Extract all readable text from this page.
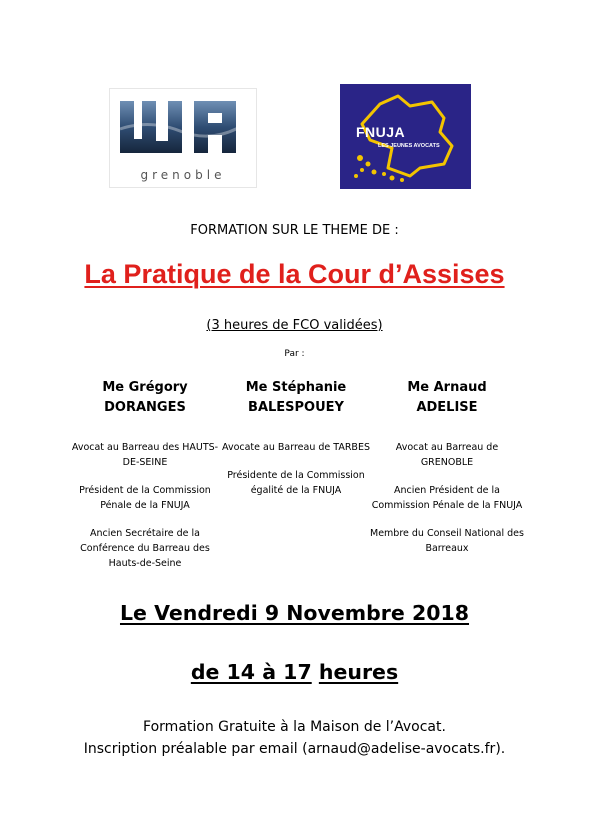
grenoble
FNUJA
LES JEUNES AVOCATS
FORMATION SUR LE THEME DE :
La Pratique de la Cour d’Assises
(3 heures de FCO validées)
Par :
Me Grégory
DORANGES
Avocat au Barreau des HAUTS-DE-SEINE
Président de la Commission Pénale de la FNUJA
Ancien Secrétaire de la Conférence du Barreau des Hauts-de-Seine
Me Stéphanie
BALESPOUEY
Avocate au Barreau de TARBES
Présidente de la Commission égalité de la FNUJA
Me Arnaud
ADELISE
Avocat au Barreau de GRENOBLE
Ancien Président de la Commission Pénale de la FNUJA
Membre du Conseil National des Barreaux
Le Vendredi 9 Novembre 2018
de 14 à 17 heures
Formation Gratuite à la Maison de l’Avocat.
Inscription préalable par email (arnaud@adelise-avocats.fr).
